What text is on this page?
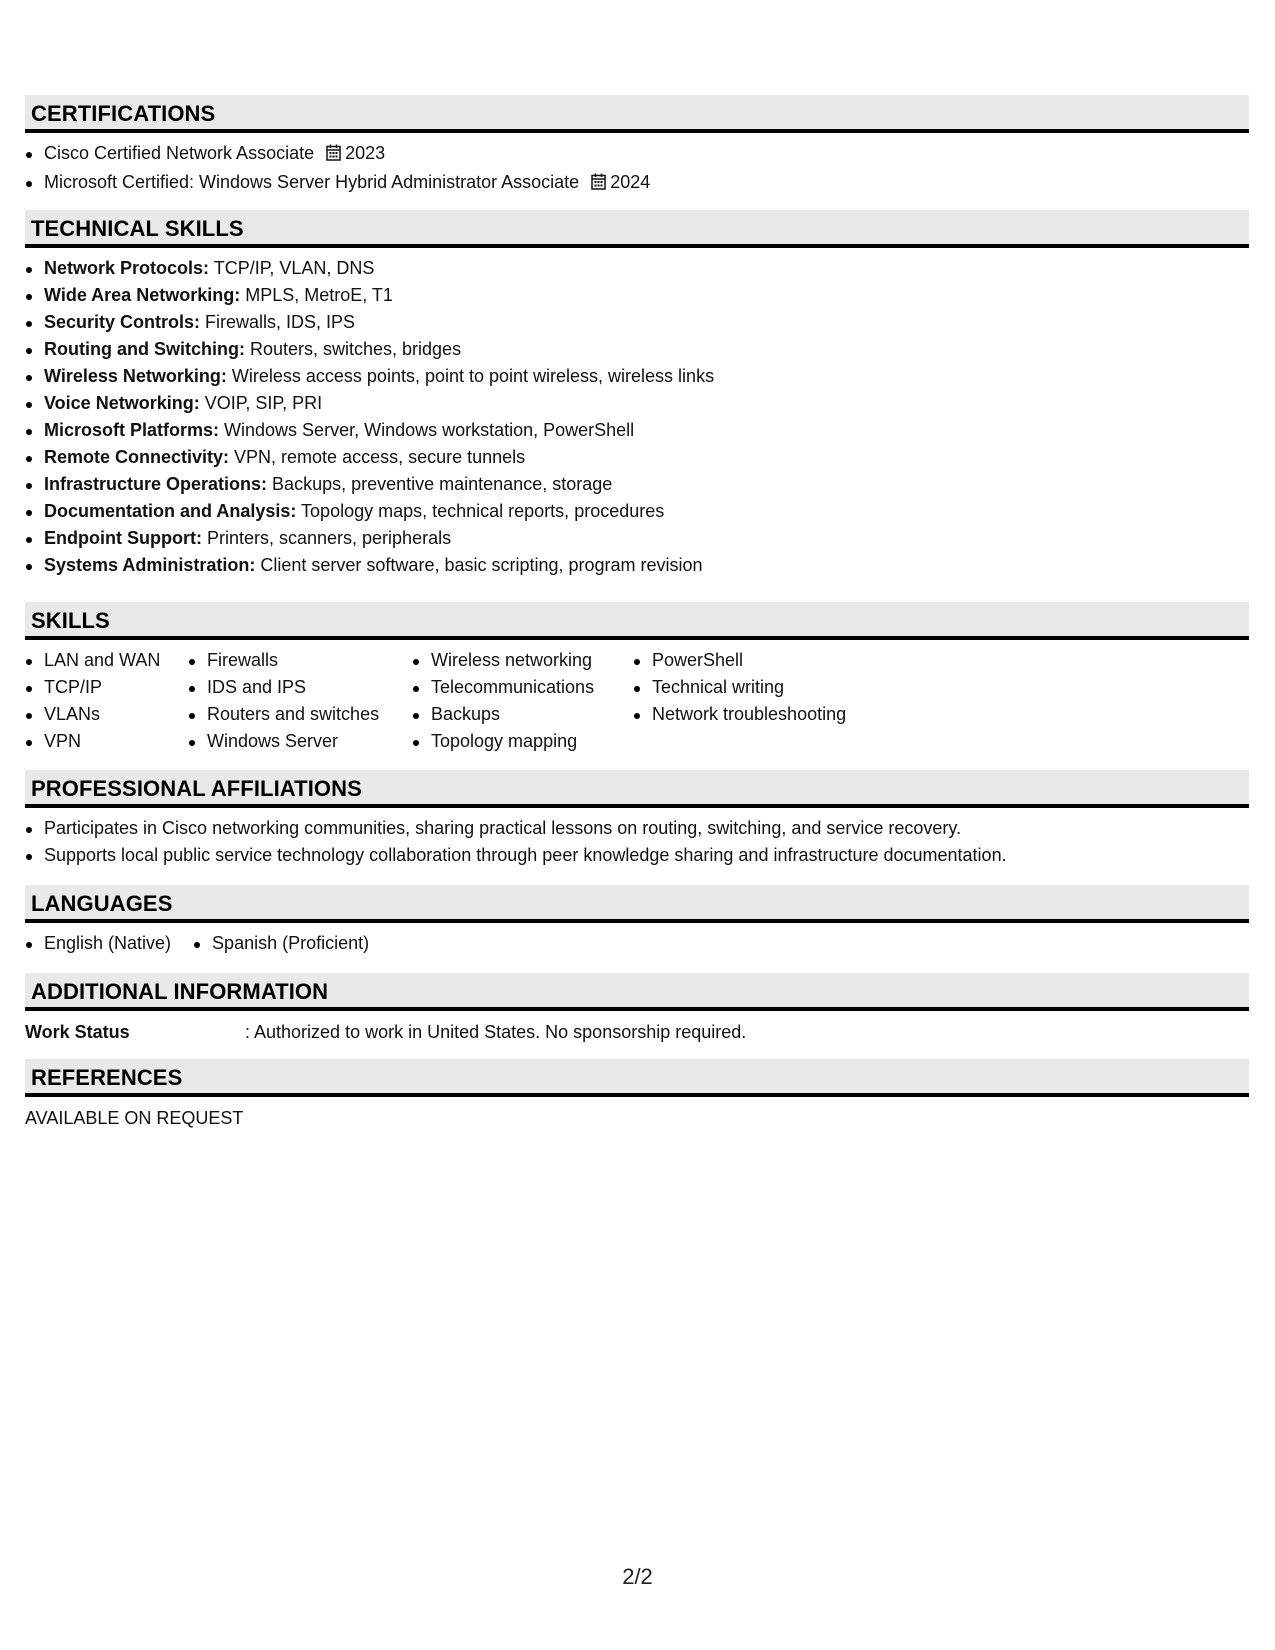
CERTIFICATIONS
Cisco Certified Network Associate 2023
Microsoft Certified: Windows Server Hybrid Administrator Associate 2024
TECHNICAL SKILLS
Network Protocols: TCP/IP, VLAN, DNS
Wide Area Networking: MPLS, MetroE, T1
Security Controls: Firewalls, IDS, IPS
Routing and Switching: Routers, switches, bridges
Wireless Networking: Wireless access points, point to point wireless, wireless links
Voice Networking: VOIP, SIP, PRI
Microsoft Platforms: Windows Server, Windows workstation, PowerShell
Remote Connectivity: VPN, remote access, secure tunnels
Infrastructure Operations: Backups, preventive maintenance, storage
Documentation and Analysis: Topology maps, technical reports, procedures
Endpoint Support: Printers, scanners, peripherals
Systems Administration: Client server software, basic scripting, program revision
SKILLS
LAN and WAN
TCP/IP
VLANs
VPN
Firewalls
IDS and IPS
Routers and switches
Windows Server
Wireless networking
Telecommunications
Backups
Topology mapping
PowerShell
Technical writing
Network troubleshooting
PROFESSIONAL AFFILIATIONS
Participates in Cisco networking communities, sharing practical lessons on routing, switching, and service recovery.
Supports local public service technology collaboration through peer knowledge sharing and infrastructure documentation.
LANGUAGES
English (Native)	Spanish (Proficient)
ADDITIONAL INFORMATION
Work Status	: Authorized to work in United States. No sponsorship required.
REFERENCES
AVAILABLE ON REQUEST
2/2
